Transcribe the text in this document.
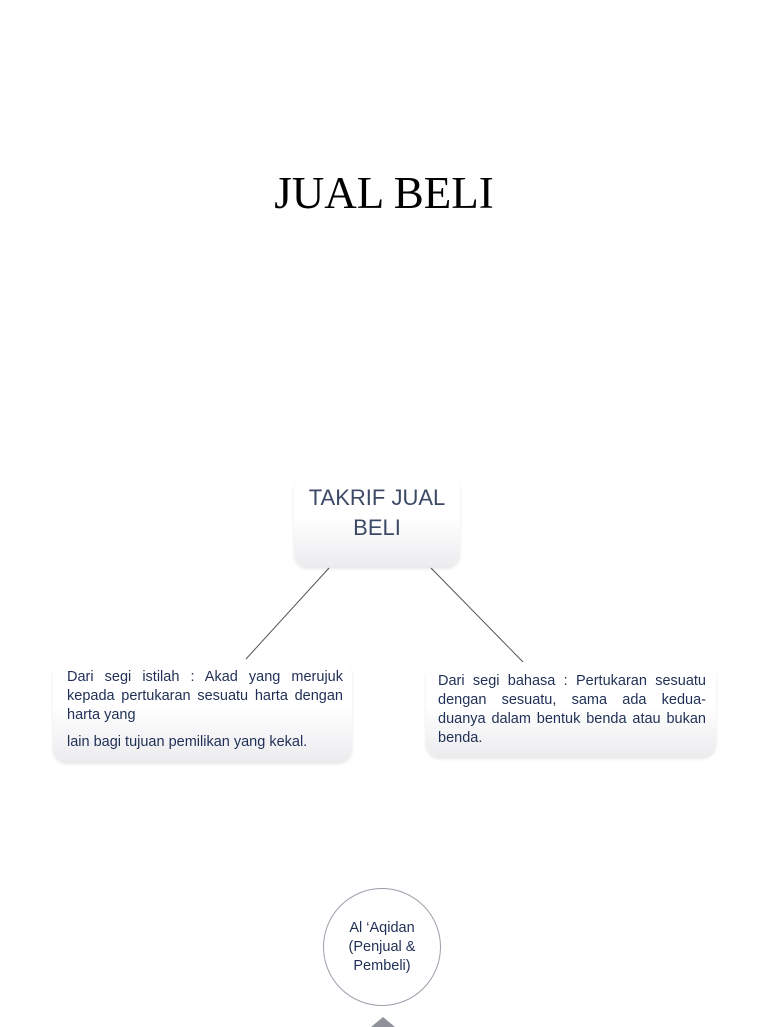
JUAL BELI
TAKRIF JUAL BELI
Dari segi istilah : Akad yang merujuk kepada pertukaran sesuatu harta dengan harta yang
lain bagi tujuan pemilikan yang kekal.
Dari segi bahasa : Pertukaran sesuatu dengan sesuatu, sama ada kedua-duanya dalam bentuk benda atau bukan benda.
Al ‘Aqidan
(Penjual &
Pembeli)
